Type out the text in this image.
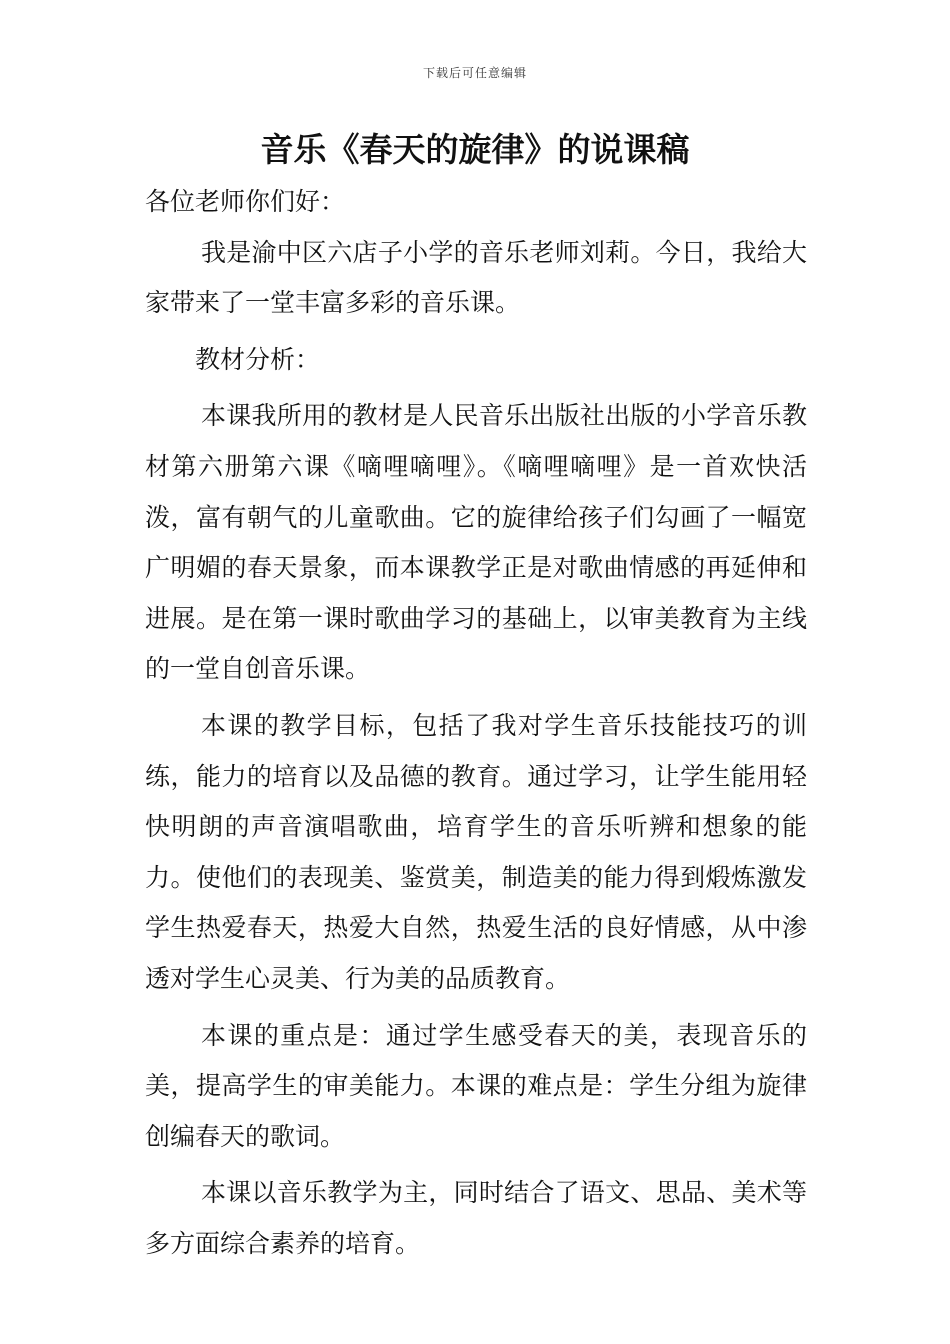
下载后可任意编辑
音乐《春天的旋律》的说课稿

各位老师你们好：

我是渝中区六店子小学的音乐老师刘莉。今日，我给大家带来了一堂丰富多彩的音乐课。

教材分析：

本课我所用的教材是人民音乐出版社出版的小学音乐教材第六册第六课《嘀哩嘀哩》。《嘀哩嘀哩》是一首欢快活泼，富有朝气的儿童歌曲。它的旋律给孩子们勾画了一幅宽广明媚的春天景象，而本课教学正是对歌曲情感的再延伸和进展。是在第一课时歌曲学习的基础上，以审美教育为主线的一堂自创音乐课。

本课的教学目标，包括了我对学生音乐技能技巧的训练，能力的培育以及品德的教育。通过学习，让学生能用轻快明朗的声音演唱歌曲，培育学生的音乐听辨和想象的能力。使他们的表现美、鉴赏美，制造美的能力得到煅炼激发学生热爱春天，热爱大自然，热爱生活的良好情感，从中渗透对学生心灵美、行为美的品质教育。

本课的重点是：通过学生感受春天的美，表现音乐的美，提高学生的审美能力。本课的难点是：学生分组为旋律创编春天的歌词。

本课以音乐教学为主，同时结合了语文、思品、美术等多方面综合素养的培育。
